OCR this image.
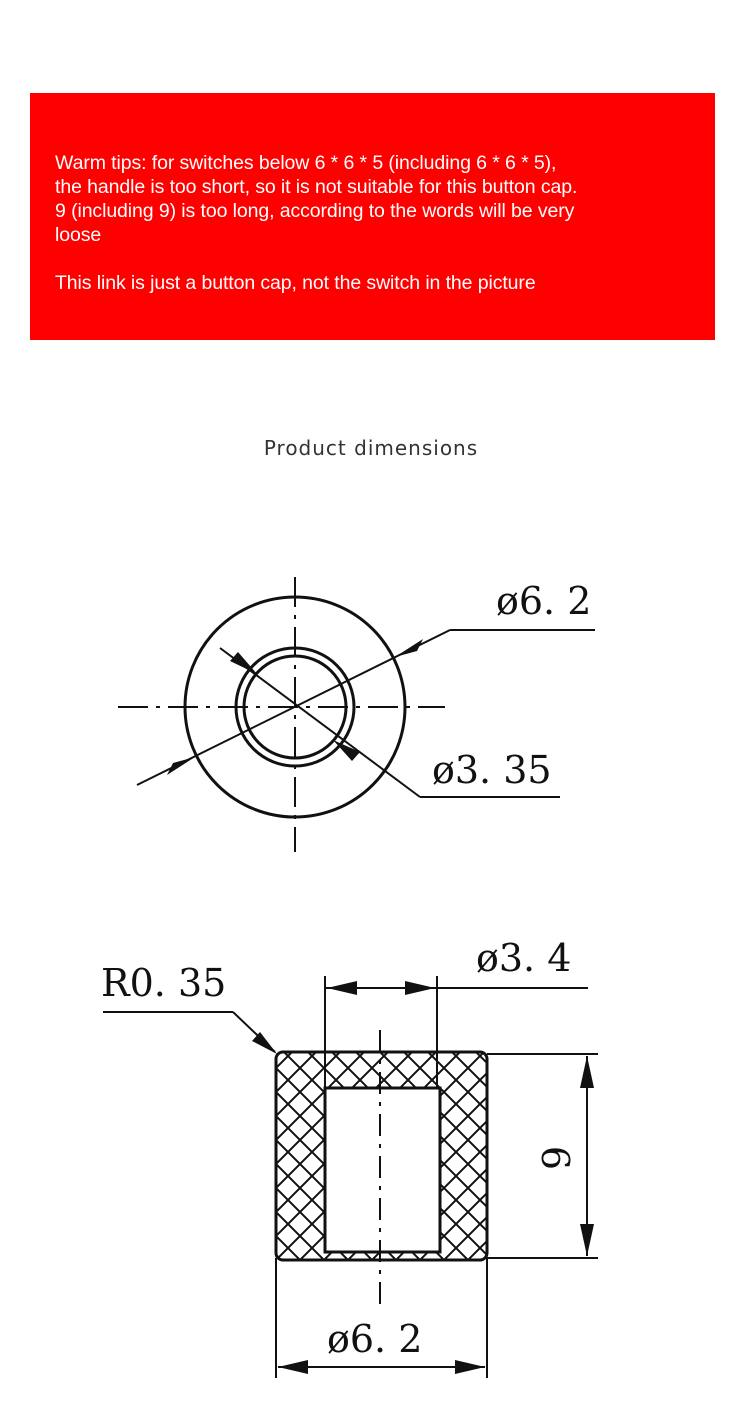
Warm tips: for switches below 6 * 6 * 5 (including 6 * 6 * 5),
the handle is too short, so it is not suitable for this button cap.
9 (including 9) is too long, according to the words will be very
loose

This link is just a button cap, not the switch in the picture

Product dimensions
ø6. 2
ø3. 35
ø3. 4
R0. 35
6
ø6. 2
